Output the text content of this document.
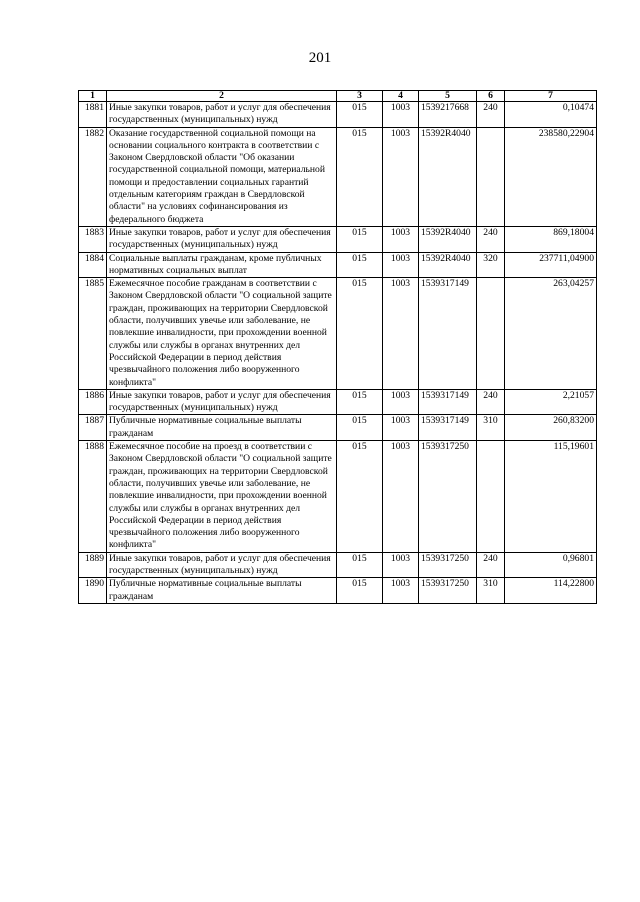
201
1	2	3	4	5	6	7
1881	Иные закупки товаров, работ и услуг для обеспечения государственных (муниципальных) нужд	015	1003	1539217668	240	0,10474
1882	Оказание государственной социальной помощи на основании социального контракта в соответствии с Законом Свердловской области "Об оказании государственной социальной помощи, материальной помощи и предоставлении социальных гарантий отдельным категориям граждан в Свердловской области" на условиях софинансирования из федерального бюджета	015	1003	15392R4040		238580,22904
1883	Иные закупки товаров, работ и услуг для обеспечения государственных (муниципальных) нужд	015	1003	15392R4040	240	869,18004
1884	Социальные выплаты гражданам, кроме публичных нормативных социальных выплат	015	1003	15392R4040	320	237711,04900
1885	Ежемесячное пособие гражданам в соответствии с Законом Свердловской области "О социальной защите граждан, проживающих на территории Свердловской области, получивших увечье или заболевание, не повлекшие инвалидности, при прохождении военной службы или службы в органах внутренних дел Российской Федерации в период действия чрезвычайного положения либо вооруженного конфликта"	015	1003	1539317149		263,04257
1886	Иные закупки товаров, работ и услуг для обеспечения государственных (муниципальных) нужд	015	1003	1539317149	240	2,21057
1887	Публичные нормативные социальные выплаты гражданам	015	1003	1539317149	310	260,83200
1888	Ежемесячное пособие на проезд в соответствии с Законом Свердловской области "О социальной защите граждан, проживающих на территории Свердловской области, получивших увечье или заболевание, не повлекшие инвалидности, при прохождении военной службы или службы в органах внутренних дел Российской Федерации в период действия чрезвычайного положения либо вооруженного конфликта"	015	1003	1539317250		115,19601
1889	Иные закупки товаров, работ и услуг для обеспечения государственных (муниципальных) нужд	015	1003	1539317250	240	0,96801
1890	Публичные нормативные социальные выплаты гражданам	015	1003	1539317250	310	114,22800
